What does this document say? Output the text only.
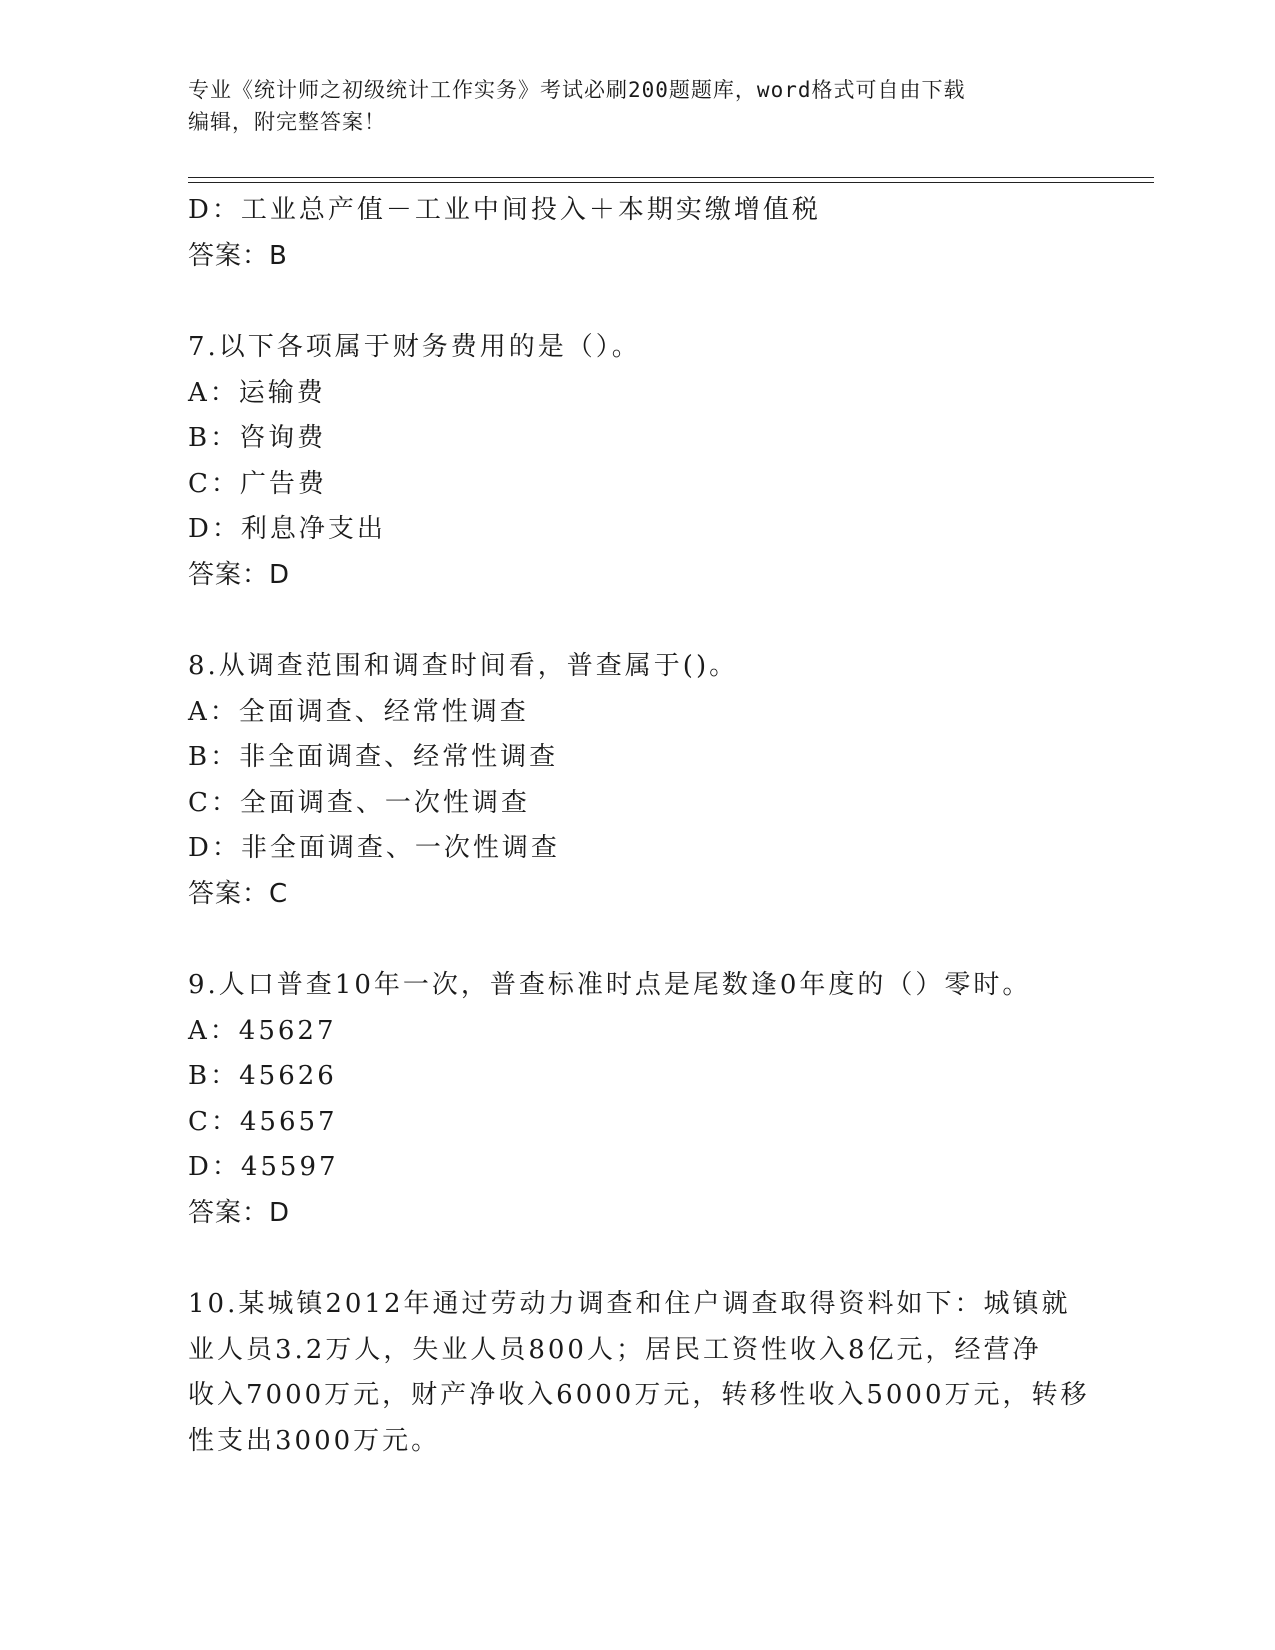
专业《统计师之初级统计工作实务》考试必刷200题题库，word格式可自由下载
编辑，附完整答案！
D：工业总产值－工业中间投入＋本期实缴增值税
答案：B
7.以下各项属于财务费用的是（）。
A：运输费
B：咨询费
C：广告费
D：利息净支出
答案：D
8.从调查范围和调查时间看，普查属于()。
A：全面调查、经常性调查
B：非全面调查、经常性调查
C：全面调查、一次性调查
D：非全面调查、一次性调查
答案：C
9.人口普查10年一次，普查标准时点是尾数逢0年度的（）零时。
A：45627
B：45626
C：45657
D：45597
答案：D
10.某城镇2012年通过劳动力调查和住户调查取得资料如下：城镇就
业人员3.2万人，失业人员800人；居民工资性收入8亿元，经营净
收入7000万元，财产净收入6000万元，转移性收入5000万元，转移
性支出3000万元。
